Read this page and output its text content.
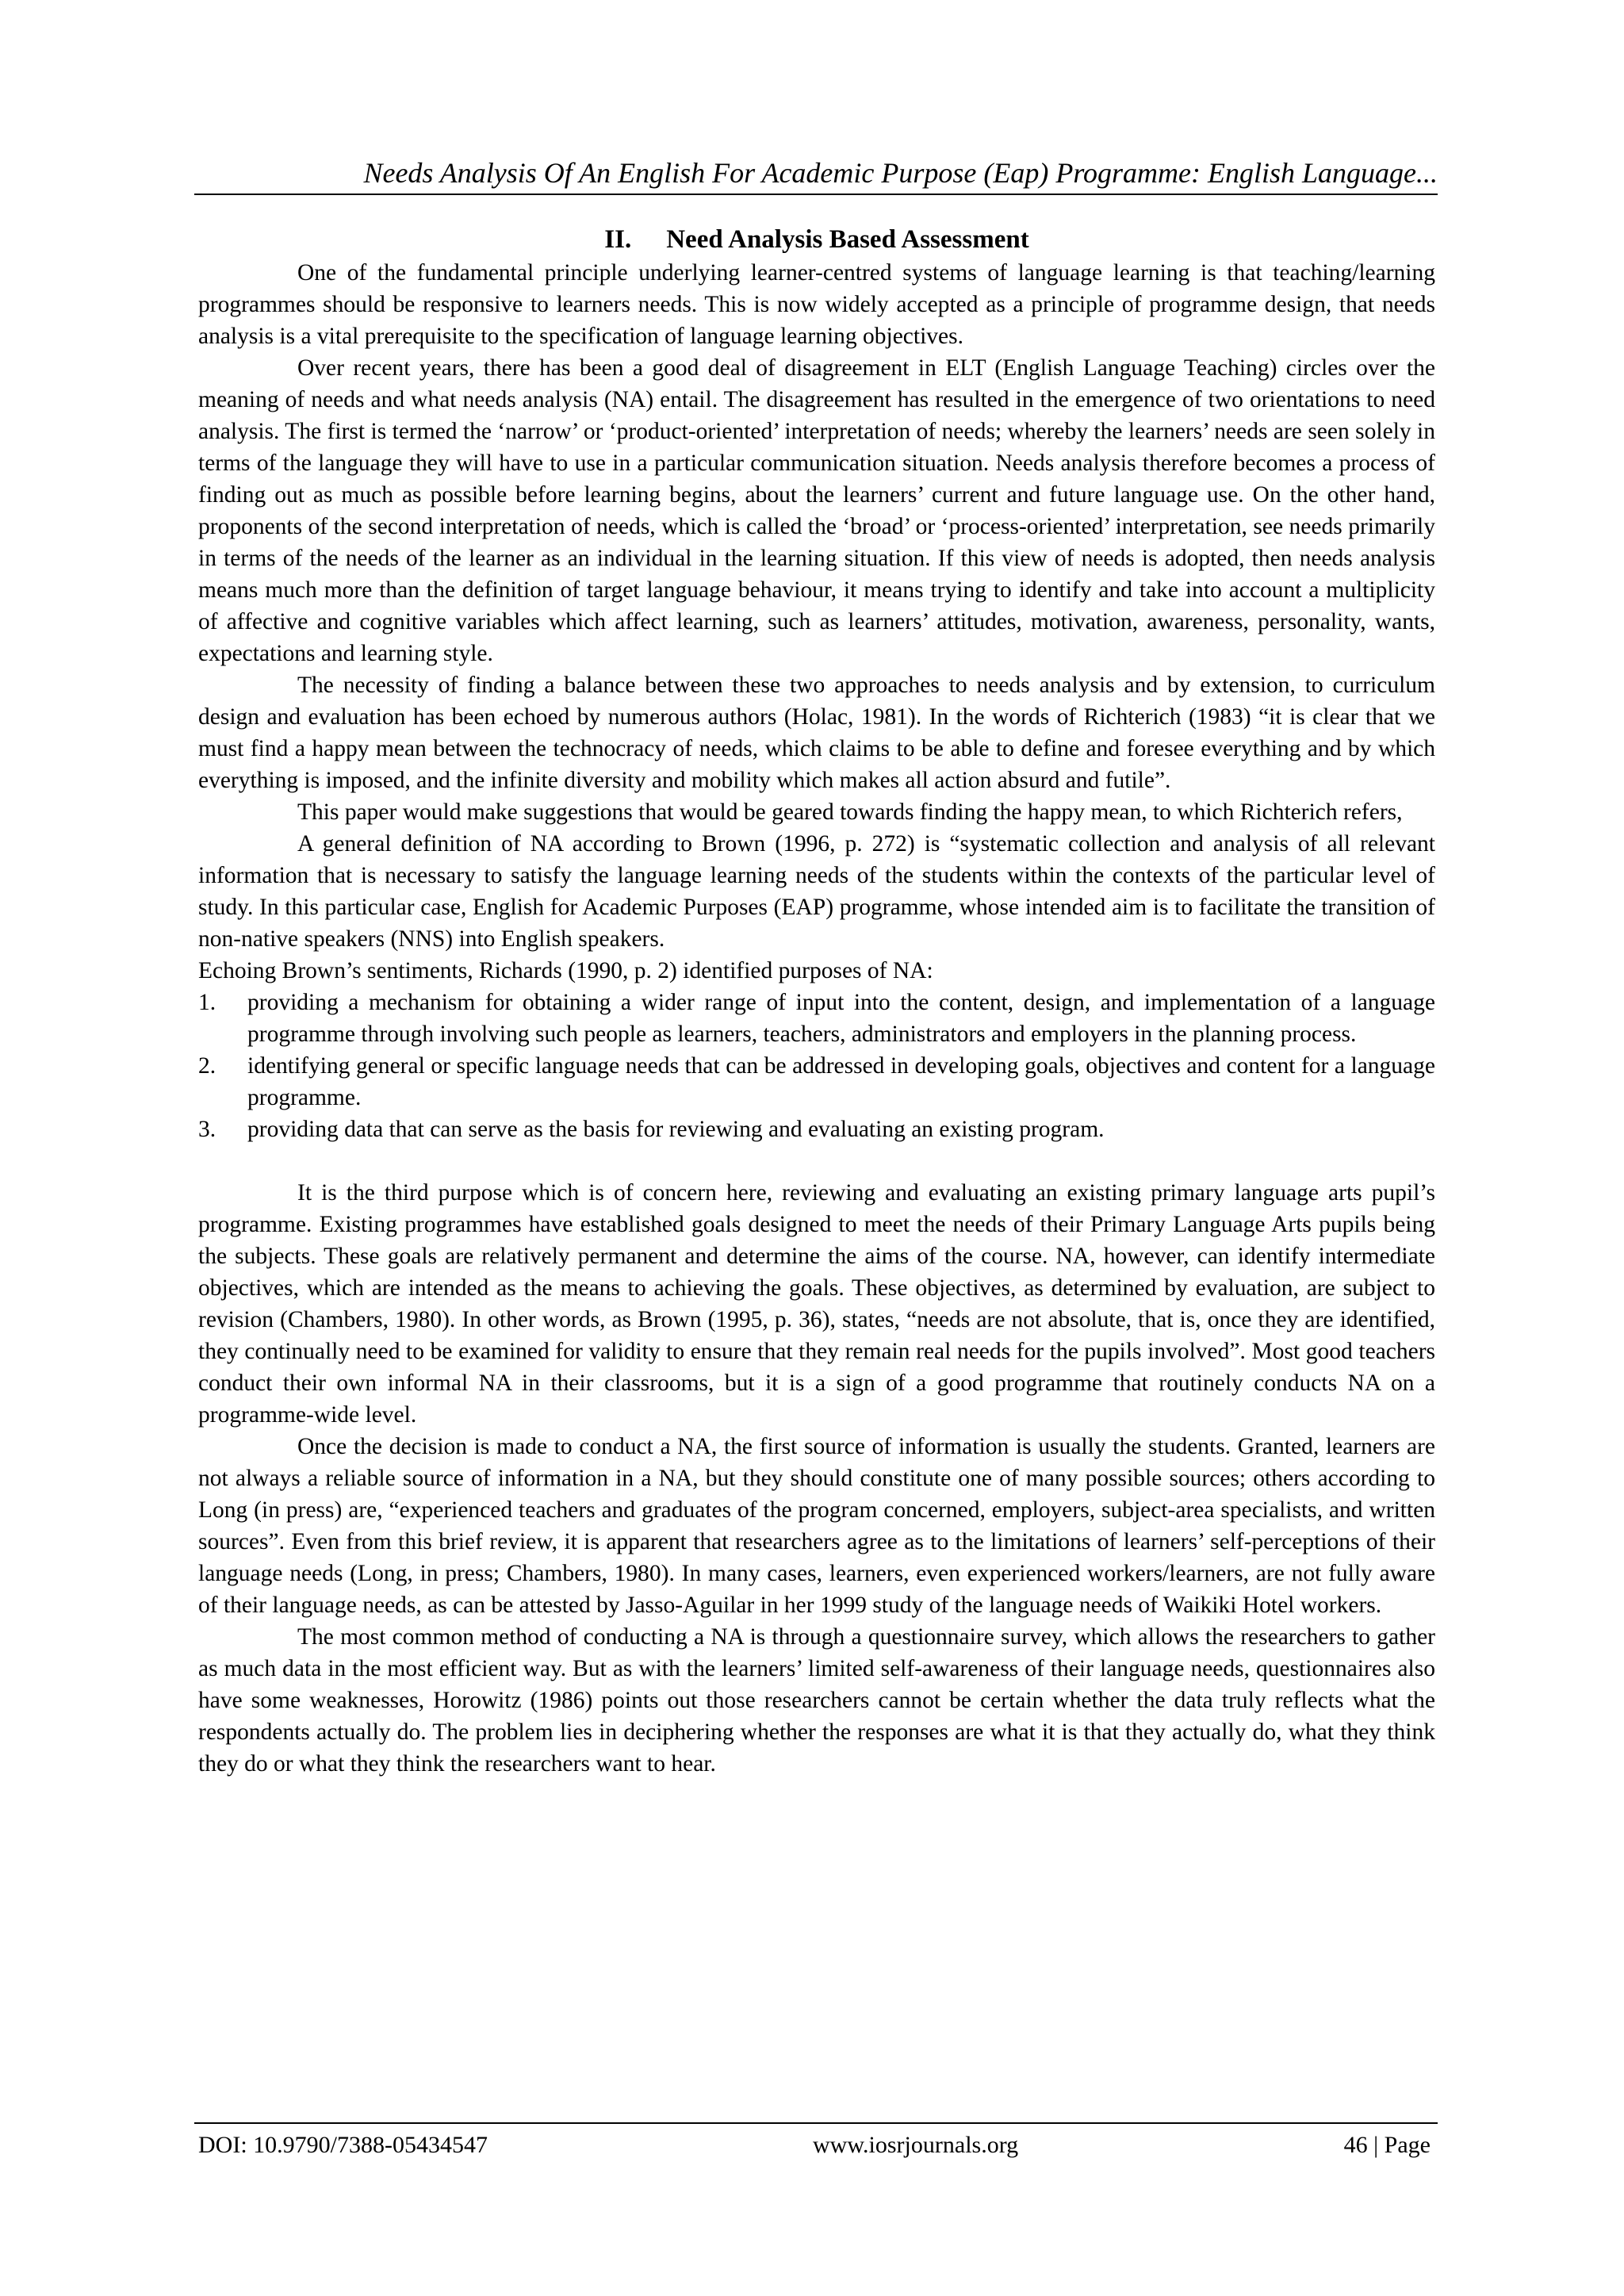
Needs Analysis Of An English For Academic Purpose (Eap) Programme: English Language...
II. Need Analysis Based Assessment

One of the fundamental principle underlying learner-centred systems of language learning is that teaching/learning programmes should be responsive to learners needs. This is now widely accepted as a principle of programme design, that needs analysis is a vital prerequisite to the specification of language learning objectives.

Over recent years, there has been a good deal of disagreement in ELT (English Language Teaching) circles over the meaning of needs and what needs analysis (NA) entail. The disagreement has resulted in the emergence of two orientations to need analysis. The first is termed the ‘narrow’ or ‘product-oriented’ interpretation of needs; whereby the learners’ needs are seen solely in terms of the language they will have to use in a particular communication situation. Needs analysis therefore becomes a process of finding out as much as possible before learning begins, about the learners’ current and future language use. On the other hand, proponents of the second interpretation of needs, which is called the ‘broad’ or ‘process-oriented’ interpretation, see needs primarily in terms of the needs of the learner as an individual in the learning situation. If this view of needs is adopted, then needs analysis means much more than the definition of target language behaviour, it means trying to identify and take into account a multiplicity of affective and cognitive variables which affect learning, such as learners’ attitudes, motivation, awareness, personality, wants, expectations and learning style.

The necessity of finding a balance between these two approaches to needs analysis and by extension, to curriculum design and evaluation has been echoed by numerous authors (Holac, 1981). In the words of Richterich (1983) “it is clear that we must find a happy mean between the technocracy of needs, which claims to be able to define and foresee everything and by which everything is imposed, and the infinite diversity and mobility which makes all action absurd and futile”.

This paper would make suggestions that would be geared towards finding the happy mean, to which Richterich refers,

A general definition of NA according to Brown (1996, p. 272) is “systematic collection and analysis of all relevant information that is necessary to satisfy the language learning needs of the students within the contexts of the particular level of study. In this particular case, English for Academic Purposes (EAP) programme, whose intended aim is to facilitate the transition of non-native speakers (NNS) into English speakers.

Echoing Brown’s sentiments, Richards (1990, p. 2) identified purposes of NA:

1. providing a mechanism for obtaining a wider range of input into the content, design, and implementation of a language programme through involving such people as learners, teachers, administrators and employers in the planning process.
2. identifying general or specific language needs that can be addressed in developing goals, objectives and content for a language programme.
3. providing data that can serve as the basis for reviewing and evaluating an existing program.

It is the third purpose which is of concern here, reviewing and evaluating an existing primary language arts pupil’s programme. Existing programmes have established goals designed to meet the needs of their Primary Language Arts pupils being the subjects. These goals are relatively permanent and determine the aims of the course. NA, however, can identify intermediate objectives, which are intended as the means to achieving the goals. These objectives, as determined by evaluation, are subject to revision (Chambers, 1980). In other words, as Brown (1995, p. 36), states, “needs are not absolute, that is, once they are identified, they continually need to be examined for validity to ensure that they remain real needs for the pupils involved”. Most good teachers conduct their own informal NA in their classrooms, but it is a sign of a good programme that routinely conducts NA on a programme-wide level.

Once the decision is made to conduct a NA, the first source of information is usually the students. Granted, learners are not always a reliable source of information in a NA, but they should constitute one of many possible sources; others according to Long (in press) are, “experienced teachers and graduates of the program concerned, employers, subject-area specialists, and written sources”. Even from this brief review, it is apparent that researchers agree as to the limitations of learners’ self-perceptions of their language needs (Long, in press; Chambers, 1980). In many cases, learners, even experienced workers/learners, are not fully aware of their language needs, as can be attested by Jasso-Aguilar in her 1999 study of the language needs of Waikiki Hotel workers.

The most common method of conducting a NA is through a questionnaire survey, which allows the researchers to gather as much data in the most efficient way. But as with the learners’ limited self-awareness of their language needs, questionnaires also have some weaknesses, Horowitz (1986) points out those researchers cannot be certain whether the data truly reflects what the respondents actually do. The problem lies in deciphering whether the responses are what it is that they actually do, what they think they do or what they think the researchers want to hear.

DOI: 10.9790/7388-05434547	www.iosrjournals.org	46 | Page
